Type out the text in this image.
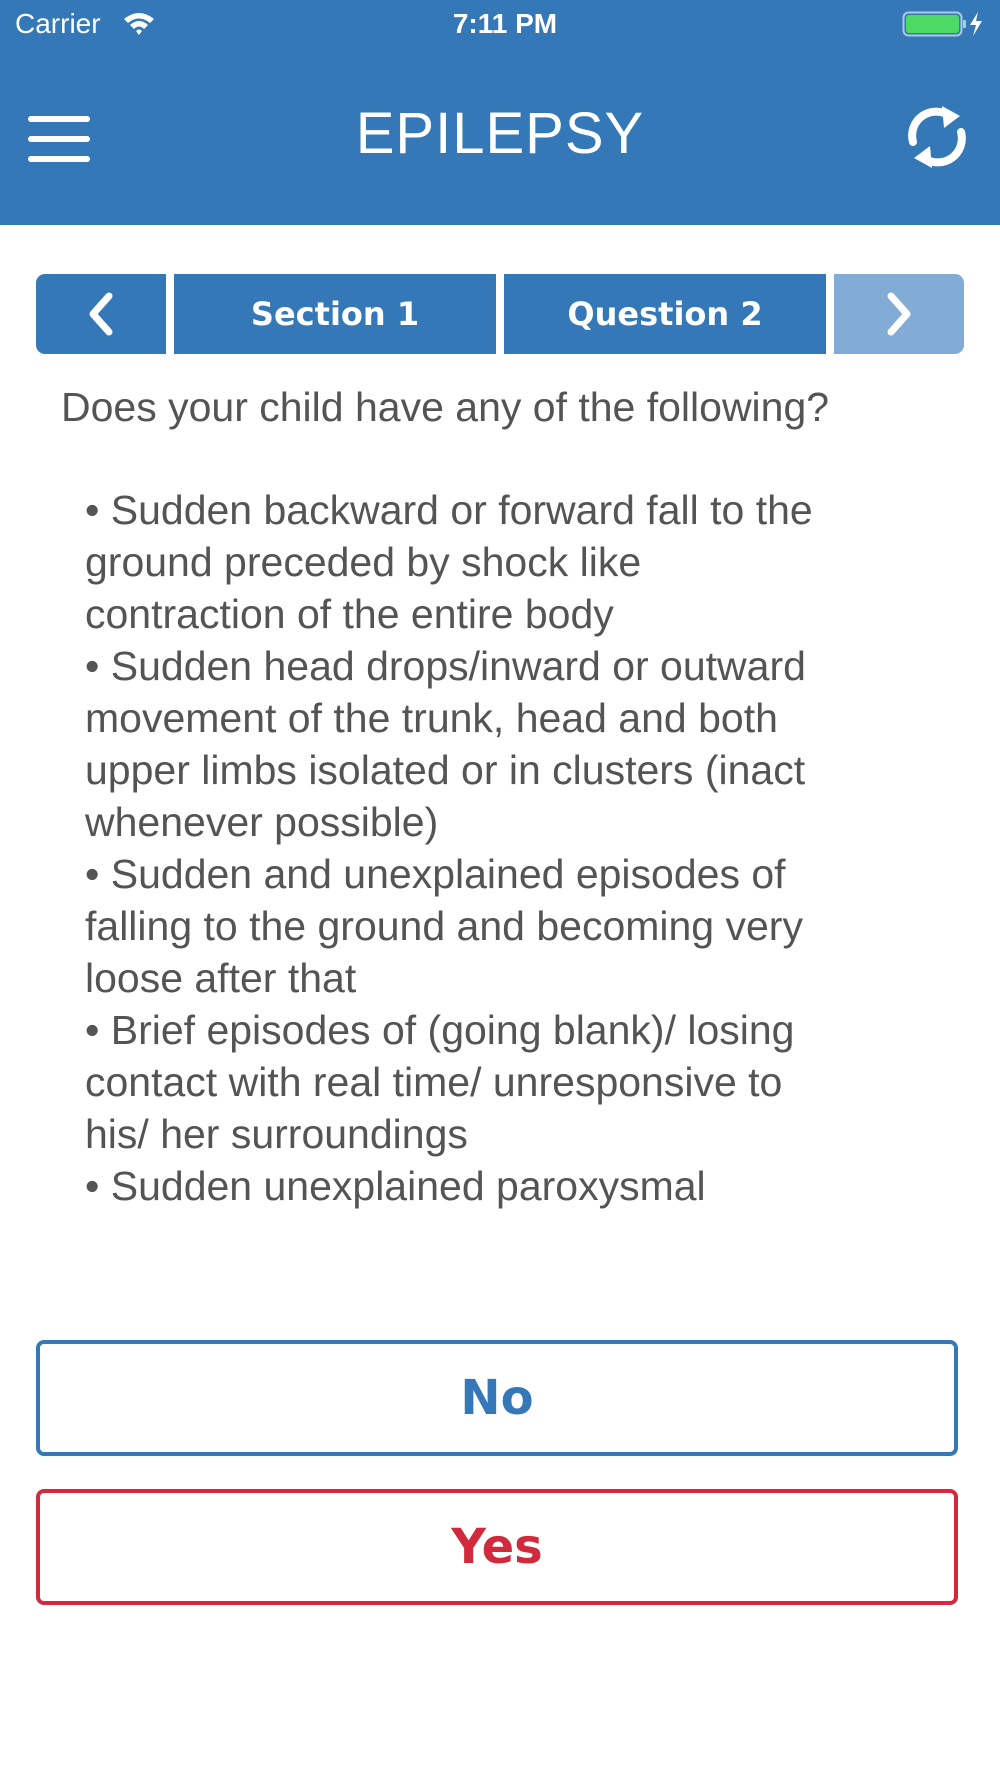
Carrier	7:11 PM
EPILEPSY
Section 1	Question 2
Does your child have any of the following?
• Sudden backward or forward fall to the
ground preceded by shock like
contraction of the entire body
• Sudden head drops/inward or outward
movement of the trunk, head and both
upper limbs isolated or in clusters (inact
whenever possible)
• Sudden and unexplained episodes of
falling to the ground and becoming very
loose after that
• Brief episodes of (going blank)/ losing
contact with real time/ unresponsive to
his/ her surroundings
• Sudden unexplained paroxysmal
No
Yes
